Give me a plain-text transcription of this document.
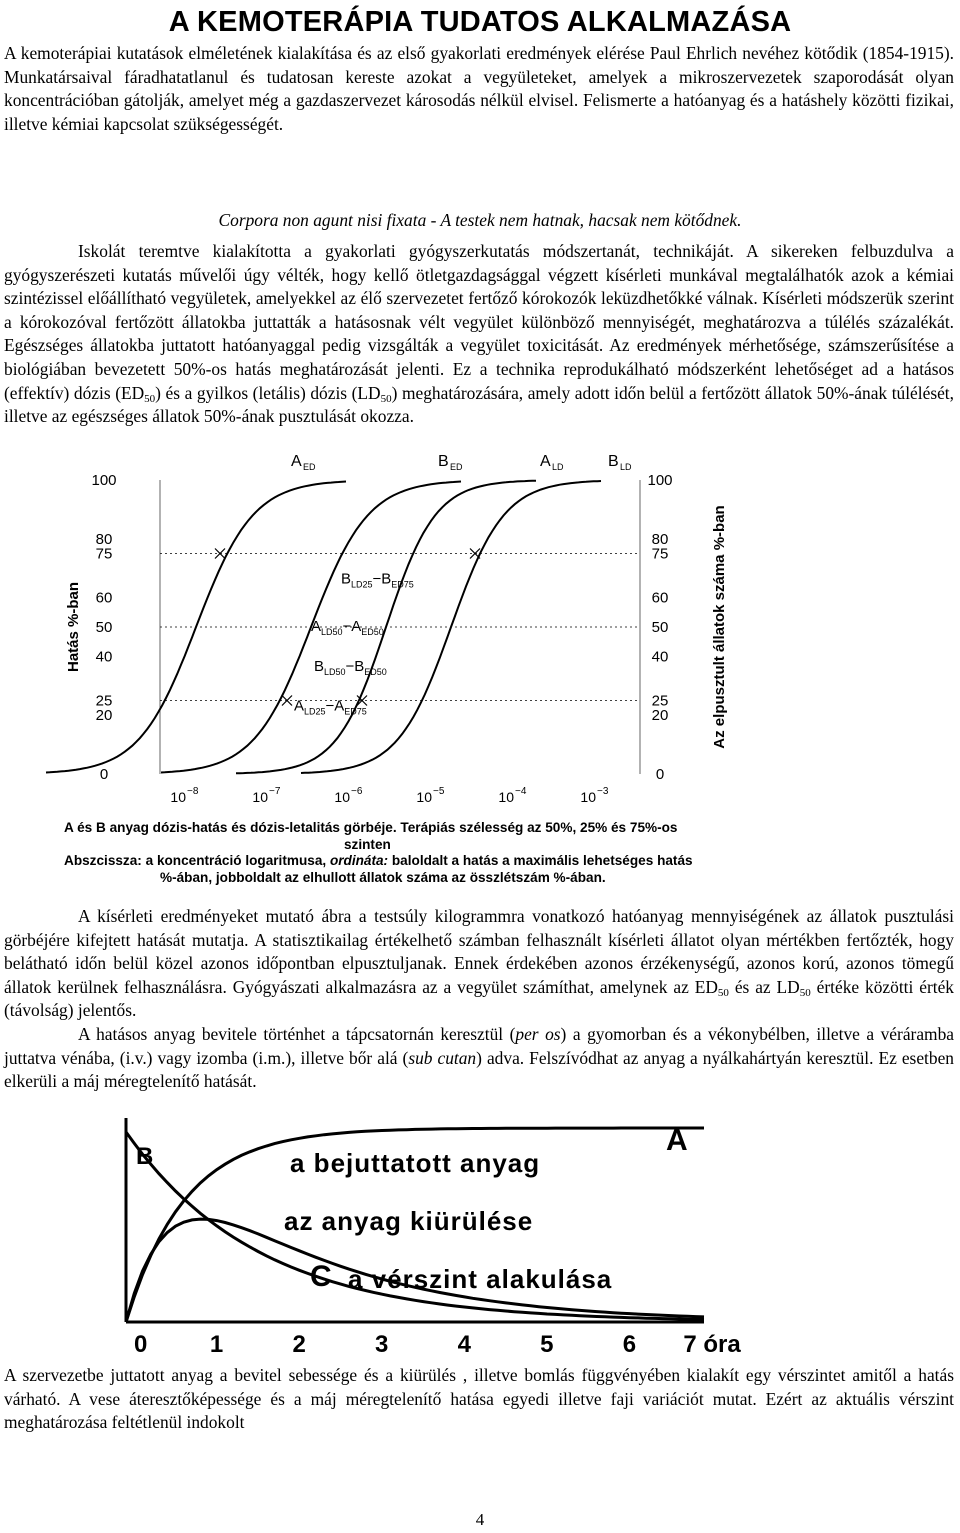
A KEMOTERÁPIA TUDATOS ALKALMAZÁSA

A kemoterápiai kutatások elméletének kialakítása és az első gyakorlati eredmények elérése Paul Ehrlich nevéhez kötődik (1854-1915). Munkatársaival fáradhatatlanul és tudatosan kereste azokat a vegyületeket, amelyek a mikroszervezetek szaporodását olyan koncentrációban gátolják, amelyet még a gazdaszervezet károsodás nélkül elvisel. Felismerte a hatóanyag és a hatáshely közötti fizikai, illetve kémiai kapcsolat szükségességét.

Corpora non agunt nisi fixata - A testek nem hatnak, hacsak nem kötődnek.

Iskolát teremtve kialakította a gyakorlati gyógyszerkutatás módszertanát, technikáját. A sikereken felbuzdulva a gyógyszerészeti kutatás művelői úgy vélték, hogy kellő ötletgazdagsággal végzett kísérleti munkával megtalálhatók azok a kémiai szintézissel előállítható vegyületek, amelyekkel az élő szervezetet fertőző kórokozók leküzdhetőkké válnak. Kísérleti módszerük szerint a kórokozóval fertőzött állatokba juttatták a hatásosnak vélt vegyület különböző mennyiségét, meghatározva a túlélés százalékát. Egészséges állatokba juttatott hatóanyaggal pedig vizsgálták a vegyület toxicitását. Az eredmények mérhetősége, számszerűsítése a biológiában bevezetett 50%-os hatás meghatározását jelenti. Ez a technika reprodukálható módszerként lehetőséget ad a hatásos (effektív) dózis $(ED_{50})$ és a gyilkos (letális) dózis $(LD_{50})$ meghatározására, amely adott időn belül a fertőzött állatok 50%-ának túlélését, illetve az egészséges állatok 50%-ának pusztulását okozza.

100
80
75
60
50
40
25
20
0
100
80
75
60
50
40
25
20
0
Hatás %-ban	Az elpusztult állatok száma %-ban
10 −8	10 −7	10 −6	10 −5	10 −4	10 −3
A ED	B ED	A LD	B LD
$B_{LD25}-B_{ED75}$
$A_{LD50}-A_{ED50}$
$B_{LD50}-B_{ED50}$
$A_{LD25}-A_{ED75}$
A és B anyag dózis-hatás és dózis-letalitás görbéje. Terápiás szélesség az 50%, 25% és 75%-os
szinten
Abszcissza: a koncentráció logaritmusa, ordináta: baloldalt a hatás a maximális lehetséges hatás
%-ában, jobboldalt az elhullott állatok száma az összlétszám %-ában.

A kísérleti eredményeket mutató ábra a testsúly kilogrammra vonatkozó hatóanyag mennyiségének az állatok pusztulási görbéjére kifejtett hatását mutatja. A statisztikailag értékelhető számban felhasznált kísérleti állatot olyan mértékben fertőzték, hogy belátható időn belül közel azonos időpontban elpusztuljanak. Ennek érdekében azonos érzékenységű, azonos korú, azonos tömegű állatok kerülnek felhasználásra. Gyógyászati alkalmazásra az a vegyület számíthat, amelynek az $ED_{50}$ és az $LD_{50}$ értéke közötti érték (távolság) jelentős.

A hatásos anyag bevitele történhet a tápcsatornán keresztül (per os) a gyomorban és a vékonybélben, illetve a véráramba juttatva vénába, (i.v.) vagy izomba (i.m.), illetve bőr alá (sub cutan) adva. Felszívódhat az anyag a nyálkahártyán keresztül. Ez esetben elkerüli a máj méregtelenítő hatását.

A
B
C
a bejuttatott anyag
az anyag kiürülése
a vérszint alakulása
0	1	2	3	4	5	6 7 óra

A szervezetbe juttatott anyag a bevitel sebessége és a kiürülés , illetve bomlás függvényében kialakít egy vérszintet amitől a hatás várható. A vese áteresztőképessége és a máj méregtelenítő hatása egyedi illetve faji variációt mutat. Ezért az aktuális vérszint meghatározása feltétlenül indokolt

4
